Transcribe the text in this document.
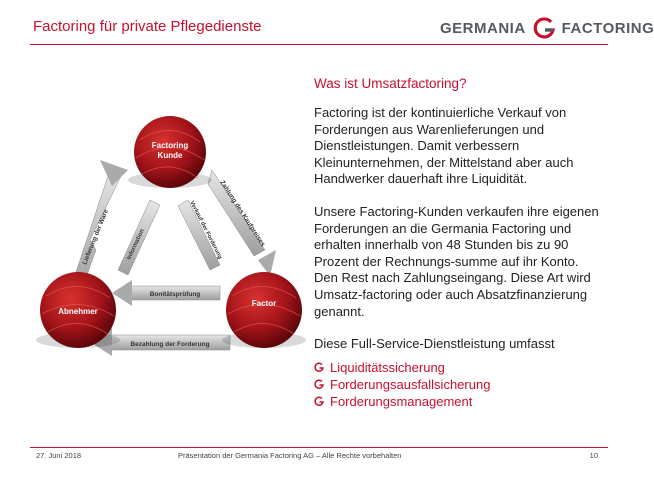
Factoring für private Pflegedienste	GERMANIA FACTORING
Factoring
Kunde
Abnehmer
Factor
Lieferung der Ware	Information	Verkauf der Forderung
Zahlung des Kaufpreises
Bonitätsprüfung
Bezahlung der Forderung
Was ist Umsatzfactoring?

Factoring ist der kontinuierliche Verkauf von Forderungen aus Warenlieferungen und Dienstleistungen. Damit verbessern Kleinunternehmen, der Mittelstand aber auch Handwerker dauerhaft ihre Liquidität.

Unsere Factoring-Kunden verkaufen ihre eigenen Forderungen an die Germania Factoring und erhalten innerhalb von 48 Stunden bis zu 90 Prozent der Rechnungs-summe auf ihr Konto. Den Rest nach Zahlungseingang. Diese Art wird Umsatz-factoring oder auch Absatzfinanzierung genannt.

Diese Full-Service-Dienstleistung umfasst

Liquiditätssicherung
Forderungsausfallsicherung
Forderungsmanagement
27. Juni 2018	Präsentation der Germania Factoring AG – Alle Rechte vorbehalten	10
